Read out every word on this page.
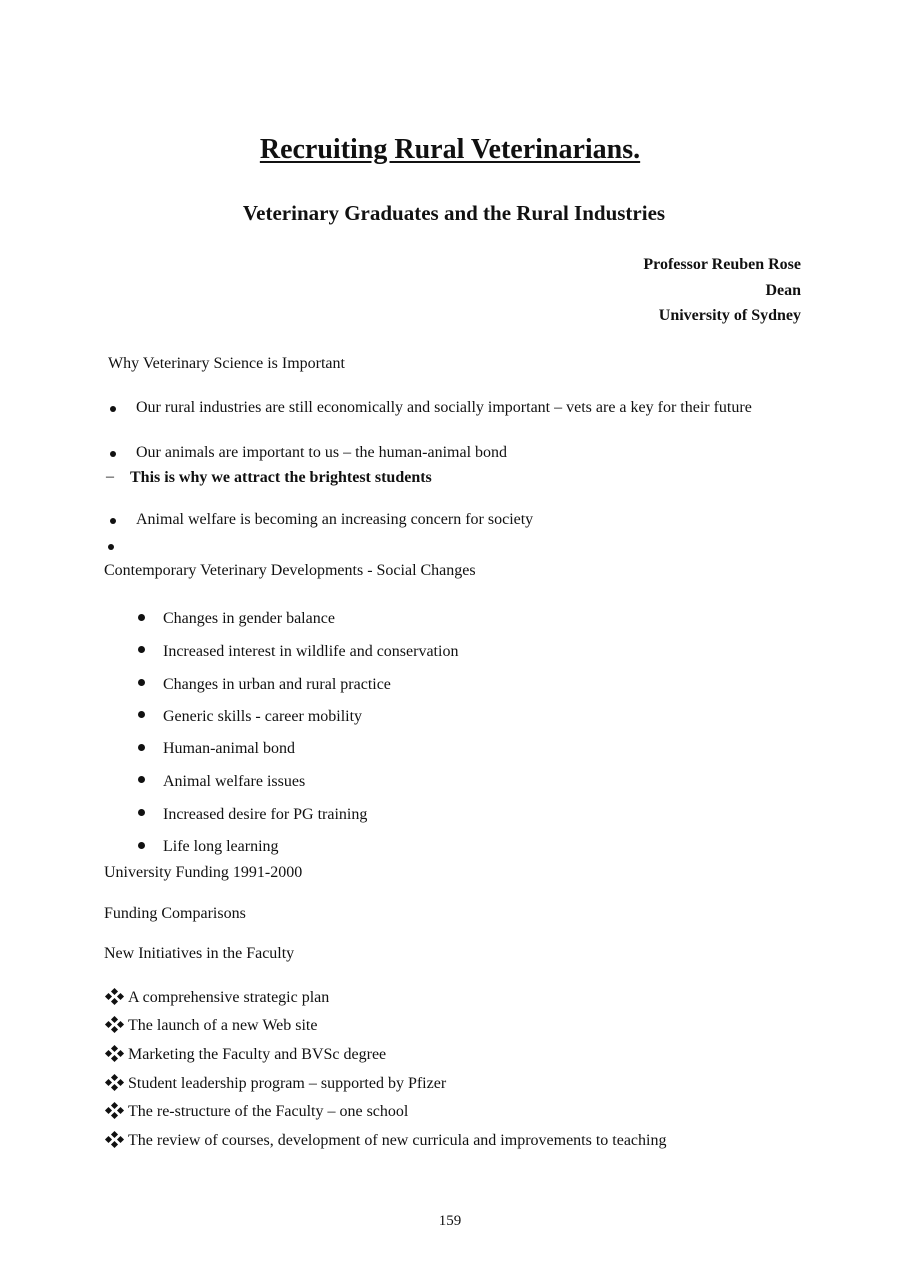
Recruiting Rural Veterinarians.
Veterinary Graduates and the Rural Industries
Professor Reuben Rose
Dean
University of Sydney
Why Veterinary Science is Important
Our rural industries are still economically and socially important – vets are a key for their future
Our animals are important to us – the human-animal bond
– This is why we attract the brightest students
Animal welfare is becoming an increasing concern for society
Contemporary Veterinary Developments - Social Changes
Changes in gender balance
Increased interest in wildlife and conservation
Changes in urban and rural practice
Generic skills - career mobility
Human-animal bond
Animal welfare issues
Increased desire for PG training
Life long learning
University Funding 1991-2000
Funding Comparisons
New Initiatives in the Faculty
A comprehensive strategic plan
The launch of a new Web site
Marketing the Faculty and BVSc degree
Student leadership program – supported by Pfizer
The re-structure of the Faculty – one school
The review of courses, development of new curricula and improvements to teaching
159
